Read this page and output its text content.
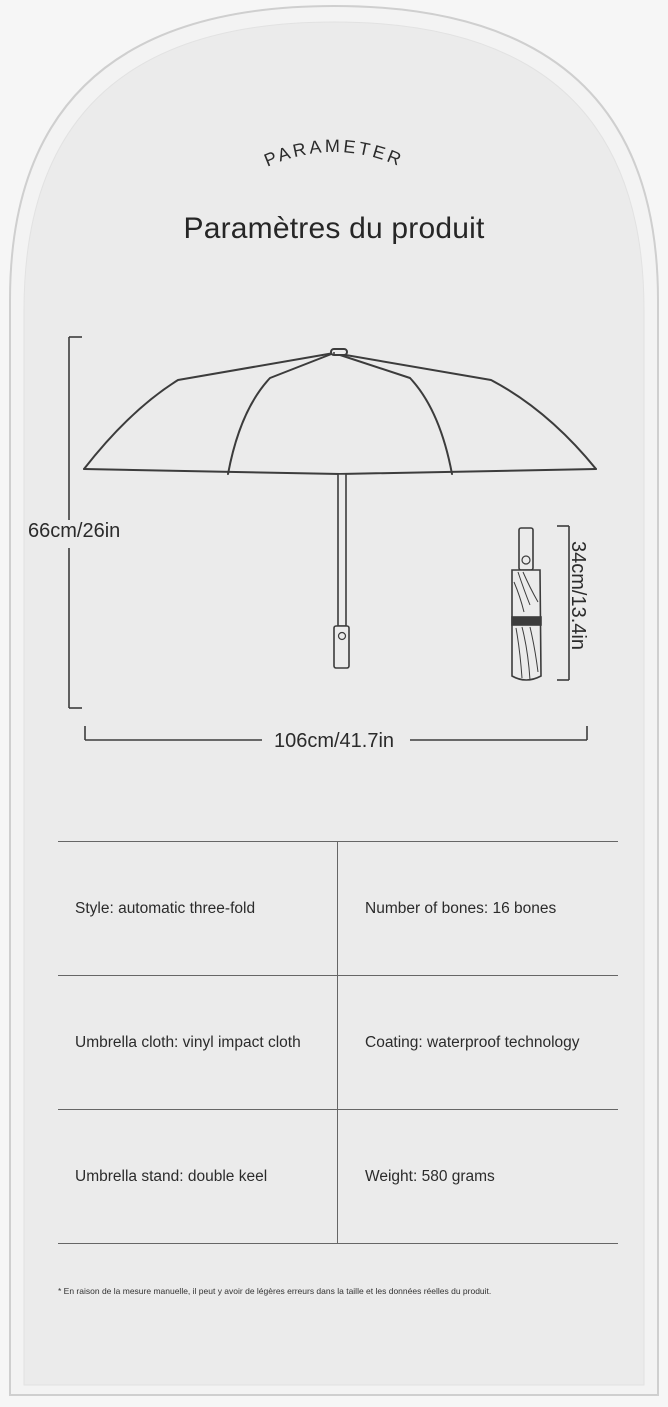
PARAMETER
Paramètres du produit
66cm/26in
106cm/41.7in
34cm/13.4in
Style: automatic three-fold	Number of bones: 16 bones
Umbrella cloth: vinyl impact cloth	Coating: waterproof technology
Umbrella stand: double keel	Weight: 580 grams
* En raison de la mesure manuelle, il peut y avoir de légères erreurs dans la taille et les données réelles du produit.
